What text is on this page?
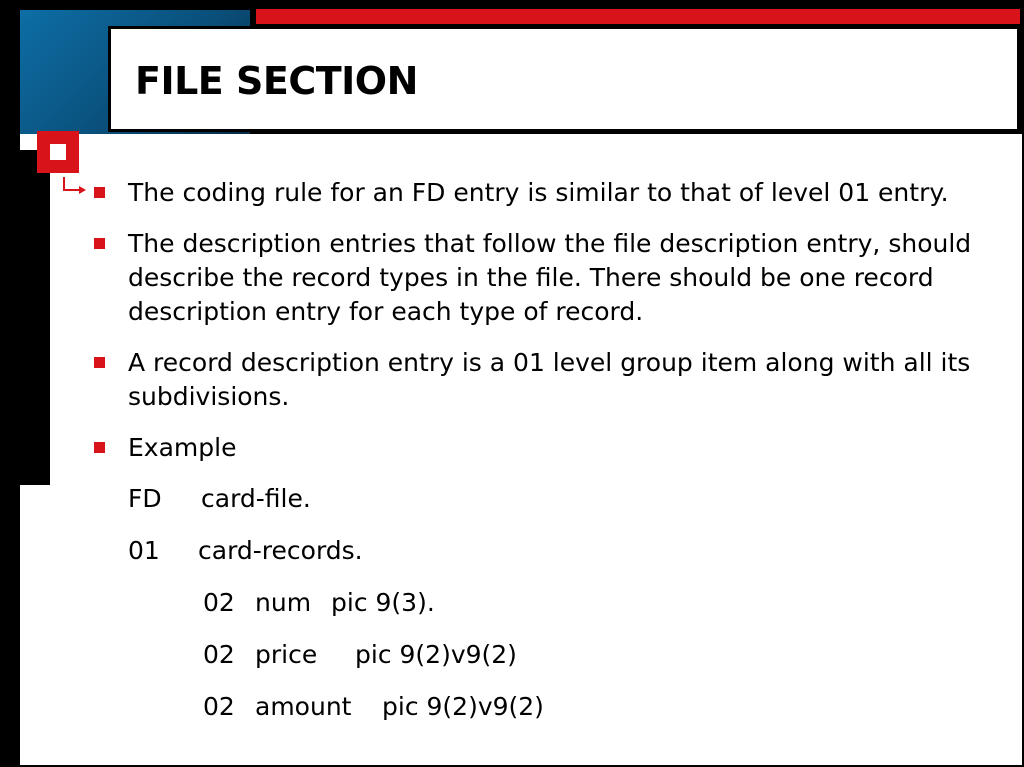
FILE SECTION
The coding rule for an FD entry is similar to that of level 01 entry.
The description entries that follow the file description entry, should describe the record types in the file. There should be one record description entry for each type of record.
A record description entry is a 01 level group item along with all its subdivisions.
Example
FD card-file.
01 card-records.
02 num pic 9(3).
02 price pic 9(2)v9(2)
02 amount pic 9(2)v9(2)
